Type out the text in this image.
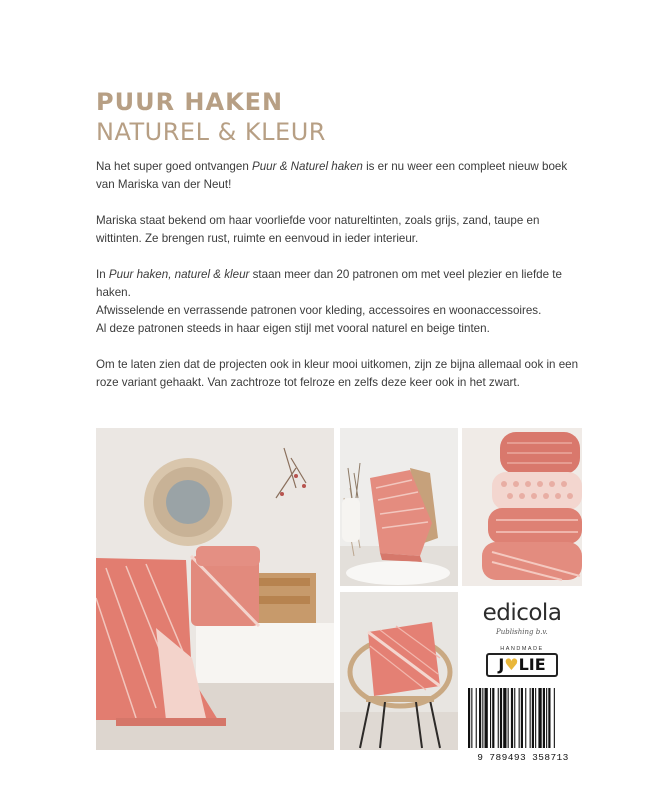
PUUR HAKEN
NATUREL & KLEUR

Na het super goed ontvangen Puur & Naturel haken is er nu weer een compleet nieuw boek van Mariska van der Neut!

Mariska staat bekend om haar voorliefde voor natureltinten, zoals grijs, zand, taupe en wittinten. Ze brengen rust, ruimte en eenvoud in ieder interieur.

In Puur haken, naturel & kleur staan meer dan 20 patronen om met veel plezier en liefde te haken.

Afwisselende en verrassende patronen voor kleding, accessoires en woonaccessoires.

Al deze patronen steeds in haar eigen stijl met vooral naturel en beige tinten.

Om te laten zien dat de projecten ook in kleur mooi uitkomen, zijn ze bijna allemaal ook in een roze variant gehaakt. Van zachtroze tot felroze en zelfs deze keer ook in het zwart.

edicola
Publishing b.v.
HANDMADE
J♥LIE
9 789493 358713
